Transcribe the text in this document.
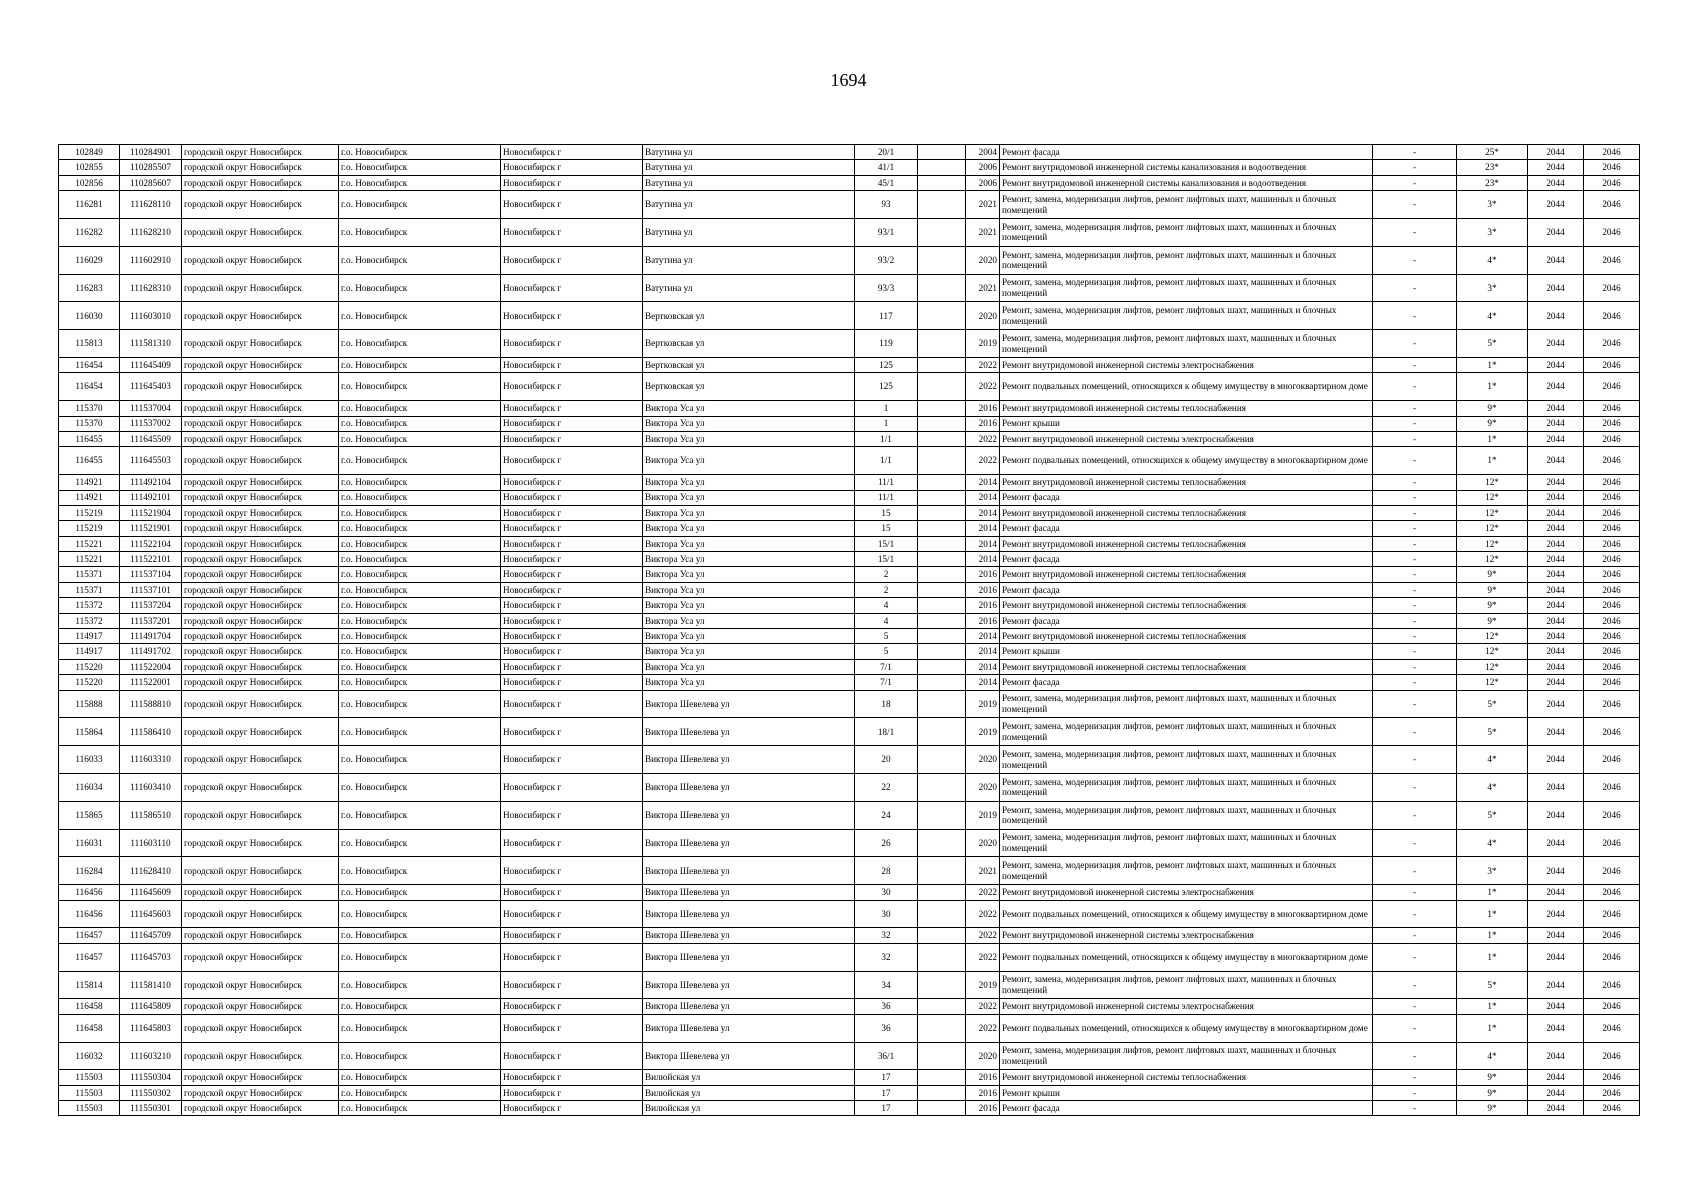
1694
102849	110284901	городской округ Новосибирск	г.о. Новосибирск	Новосибирск г	Ватутина ул	20/1		2004	Ремонт фасада	-	25*	2044	2046
102855	110285507	городской округ Новосибирск	г.о. Новосибирск	Новосибирск г	Ватутина ул	41/1		2006	Ремонт внутридомовой инженерной системы канализования и водоотведения	-	23*	2044	2046
102856	110285607	городской округ Новосибирск	г.о. Новосибирск	Новосибирск г	Ватутина ул	45/1		2006	Ремонт внутридомовой инженерной системы канализования и водоотведения	-	23*	2044	2046
116281	111628110	городской округ Новосибирск	г.о. Новосибирск	Новосибирск г	Ватутина ул	93		2021	Ремонт, замена, модернизация лифтов, ремонт лифтовых шахт, машинных и блочных помещений	-	3*	2044	2046
116282	111628210	городской округ Новосибирск	г.о. Новосибирск	Новосибирск г	Ватутина ул	93/1		2021	Ремонт, замена, модернизация лифтов, ремонт лифтовых шахт, машинных и блочных помещений	-	3*	2044	2046
116029	111602910	городской округ Новосибирск	г.о. Новосибирск	Новосибирск г	Ватутина ул	93/2		2020	Ремонт, замена, модернизация лифтов, ремонт лифтовых шахт, машинных и блочных помещений	-	4*	2044	2046
116283	111628310	городской округ Новосибирск	г.о. Новосибирск	Новосибирск г	Ватутина ул	93/3		2021	Ремонт, замена, модернизация лифтов, ремонт лифтовых шахт, машинных и блочных помещений	-	3*	2044	2046
116030	111603010	городской округ Новосибирск	г.о. Новосибирск	Новосибирск г	Вертковская ул	117		2020	Ремонт, замена, модернизация лифтов, ремонт лифтовых шахт, машинных и блочных помещений	-	4*	2044	2046
115813	111581310	городской округ Новосибирск	г.о. Новосибирск	Новосибирск г	Вертковская ул	119		2019	Ремонт, замена, модернизация лифтов, ремонт лифтовых шахт, машинных и блочных помещений	-	5*	2044	2046
116454	111645409	городской округ Новосибирск	г.о. Новосибирск	Новосибирск г	Вертковская ул	125		2022	Ремонт внутридомовой инженерной системы электроснабжения	-	1*	2044	2046
116454	111645403	городской округ Новосибирск	г.о. Новосибирск	Новосибирск г	Вертковская ул	125		2022	Ремонт подвальных помещений, относящихся к общему имуществу в многоквартирном доме	-	1*	2044	2046
115370	111537004	городской округ Новосибирск	г.о. Новосибирск	Новосибирск г	Виктора Уса ул	1		2016	Ремонт внутридомовой инженерной системы теплоснабжения	-	9*	2044	2046
115370	111537002	городской округ Новосибирск	г.о. Новосибирск	Новосибирск г	Виктора Уса ул	1		2016	Ремонт крыши	-	9*	2044	2046
116455	111645509	городской округ Новосибирск	г.о. Новосибирск	Новосибирск г	Виктора Уса ул	1/1		2022	Ремонт внутридомовой инженерной системы электроснабжения	-	1*	2044	2046
116455	111645503	городской округ Новосибирск	г.о. Новосибирск	Новосибирск г	Виктора Уса ул	1/1		2022	Ремонт подвальных помещений, относящихся к общему имуществу в многоквартирном доме	-	1*	2044	2046
114921	111492104	городской округ Новосибирск	г.о. Новосибирск	Новосибирск г	Виктора Уса ул	11/1		2014	Ремонт внутридомовой инженерной системы теплоснабжения	-	12*	2044	2046
114921	111492101	городской округ Новосибирск	г.о. Новосибирск	Новосибирск г	Виктора Уса ул	11/1		2014	Ремонт фасада	-	12*	2044	2046
115219	111521904	городской округ Новосибирск	г.о. Новосибирск	Новосибирск г	Виктора Уса ул	15		2014	Ремонт внутридомовой инженерной системы теплоснабжения	-	12*	2044	2046
115219	111521901	городской округ Новосибирск	г.о. Новосибирск	Новосибирск г	Виктора Уса ул	15		2014	Ремонт фасада	-	12*	2044	2046
115221	111522104	городской округ Новосибирск	г.о. Новосибирск	Новосибирск г	Виктора Уса ул	15/1		2014	Ремонт внутридомовой инженерной системы теплоснабжения	-	12*	2044	2046
115221	111522101	городской округ Новосибирск	г.о. Новосибирск	Новосибирск г	Виктора Уса ул	15/1		2014	Ремонт фасада	-	12*	2044	2046
115371	111537104	городской округ Новосибирск	г.о. Новосибирск	Новосибирск г	Виктора Уса ул	2		2016	Ремонт внутридомовой инженерной системы теплоснабжения	-	9*	2044	2046
115371	111537101	городской округ Новосибирск	г.о. Новосибирск	Новосибирск г	Виктора Уса ул	2		2016	Ремонт фасада	-	9*	2044	2046
115372	111537204	городской округ Новосибирск	г.о. Новосибирск	Новосибирск г	Виктора Уса ул	4		2016	Ремонт внутридомовой инженерной системы теплоснабжения	-	9*	2044	2046
115372	111537201	городской округ Новосибирск	г.о. Новосибирск	Новосибирск г	Виктора Уса ул	4		2016	Ремонт фасада	-	9*	2044	2046
114917	111491704	городской округ Новосибирск	г.о. Новосибирск	Новосибирск г	Виктора Уса ул	5		2014	Ремонт внутридомовой инженерной системы теплоснабжения	-	12*	2044	2046
114917	111491702	городской округ Новосибирск	г.о. Новосибирск	Новосибирск г	Виктора Уса ул	5		2014	Ремонт крыши	-	12*	2044	2046
115220	111522004	городской округ Новосибирск	г.о. Новосибирск	Новосибирск г	Виктора Уса ул	7/1		2014	Ремонт внутридомовой инженерной системы теплоснабжения	-	12*	2044	2046
115220	111522001	городской округ Новосибирск	г.о. Новосибирск	Новосибирск г	Виктора Уса ул	7/1		2014	Ремонт фасада	-	12*	2044	2046
115888	111588810	городской округ Новосибирск	г.о. Новосибирск	Новосибирск г	Виктора Шевелева ул	18		2019	Ремонт, замена, модернизация лифтов, ремонт лифтовых шахт, машинных и блочных помещений	-	5*	2044	2046
115864	111586410	городской округ Новосибирск	г.о. Новосибирск	Новосибирск г	Виктора Шевелева ул	18/1		2019	Ремонт, замена, модернизация лифтов, ремонт лифтовых шахт, машинных и блочных помещений	-	5*	2044	2046
116033	111603310	городской округ Новосибирск	г.о. Новосибирск	Новосибирск г	Виктора Шевелева ул	20		2020	Ремонт, замена, модернизация лифтов, ремонт лифтовых шахт, машинных и блочных помещений	-	4*	2044	2046
116034	111603410	городской округ Новосибирск	г.о. Новосибирск	Новосибирск г	Виктора Шевелева ул	22		2020	Ремонт, замена, модернизация лифтов, ремонт лифтовых шахт, машинных и блочных помещений	-	4*	2044	2046
115865	111586510	городской округ Новосибирск	г.о. Новосибирск	Новосибирск г	Виктора Шевелева ул	24		2019	Ремонт, замена, модернизация лифтов, ремонт лифтовых шахт, машинных и блочных помещений	-	5*	2044	2046
116031	111603110	городской округ Новосибирск	г.о. Новосибирск	Новосибирск г	Виктора Шевелева ул	26		2020	Ремонт, замена, модернизация лифтов, ремонт лифтовых шахт, машинных и блочных помещений	-	4*	2044	2046
116284	111628410	городской округ Новосибирск	г.о. Новосибирск	Новосибирск г	Виктора Шевелева ул	28		2021	Ремонт, замена, модернизация лифтов, ремонт лифтовых шахт, машинных и блочных помещений	-	3*	2044	2046
116456	111645609	городской округ Новосибирск	г.о. Новосибирск	Новосибирск г	Виктора Шевелева ул	30		2022	Ремонт внутридомовой инженерной системы электроснабжения	-	1*	2044	2046
116456	111645603	городской округ Новосибирск	г.о. Новосибирск	Новосибирск г	Виктора Шевелева ул	30		2022	Ремонт подвальных помещений, относящихся к общему имуществу в многоквартирном доме	-	1*	2044	2046
116457	111645709	городской округ Новосибирск	г.о. Новосибирск	Новосибирск г	Виктора Шевелева ул	32		2022	Ремонт внутридомовой инженерной системы электроснабжения	-	1*	2044	2046
116457	111645703	городской округ Новосибирск	г.о. Новосибирск	Новосибирск г	Виктора Шевелева ул	32		2022	Ремонт подвальных помещений, относящихся к общему имуществу в многоквартирном доме	-	1*	2044	2046
115814	111581410	городской округ Новосибирск	г.о. Новосибирск	Новосибирск г	Виктора Шевелева ул	34		2019	Ремонт, замена, модернизация лифтов, ремонт лифтовых шахт, машинных и блочных помещений	-	5*	2044	2046
116458	111645809	городской округ Новосибирск	г.о. Новосибирск	Новосибирск г	Виктора Шевелева ул	36		2022	Ремонт внутридомовой инженерной системы электроснабжения	-	1*	2044	2046
116458	111645803	городской округ Новосибирск	г.о. Новосибирск	Новосибирск г	Виктора Шевелева ул	36		2022	Ремонт подвальных помещений, относящихся к общему имуществу в многоквартирном доме	-	1*	2044	2046
116032	111603210	городской округ Новосибирск	г.о. Новосибирск	Новосибирск г	Виктора Шевелева ул	36/1		2020	Ремонт, замена, модернизация лифтов, ремонт лифтовых шахт, машинных и блочных помещений	-	4*	2044	2046
115503	111550304	городской округ Новосибирск	г.о. Новосибирск	Новосибирск г	Вилюйская ул	17		2016	Ремонт внутридомовой инженерной системы теплоснабжения	-	9*	2044	2046
115503	111550302	городской округ Новосибирск	г.о. Новосибирск	Новосибирск г	Вилюйская ул	17		2016	Ремонт крыши	-	9*	2044	2046
115503	111550301	городской округ Новосибирск	г.о. Новосибирск	Новосибирск г	Вилюйская ул	17		2016	Ремонт фасада	-	9*	2044	2046
